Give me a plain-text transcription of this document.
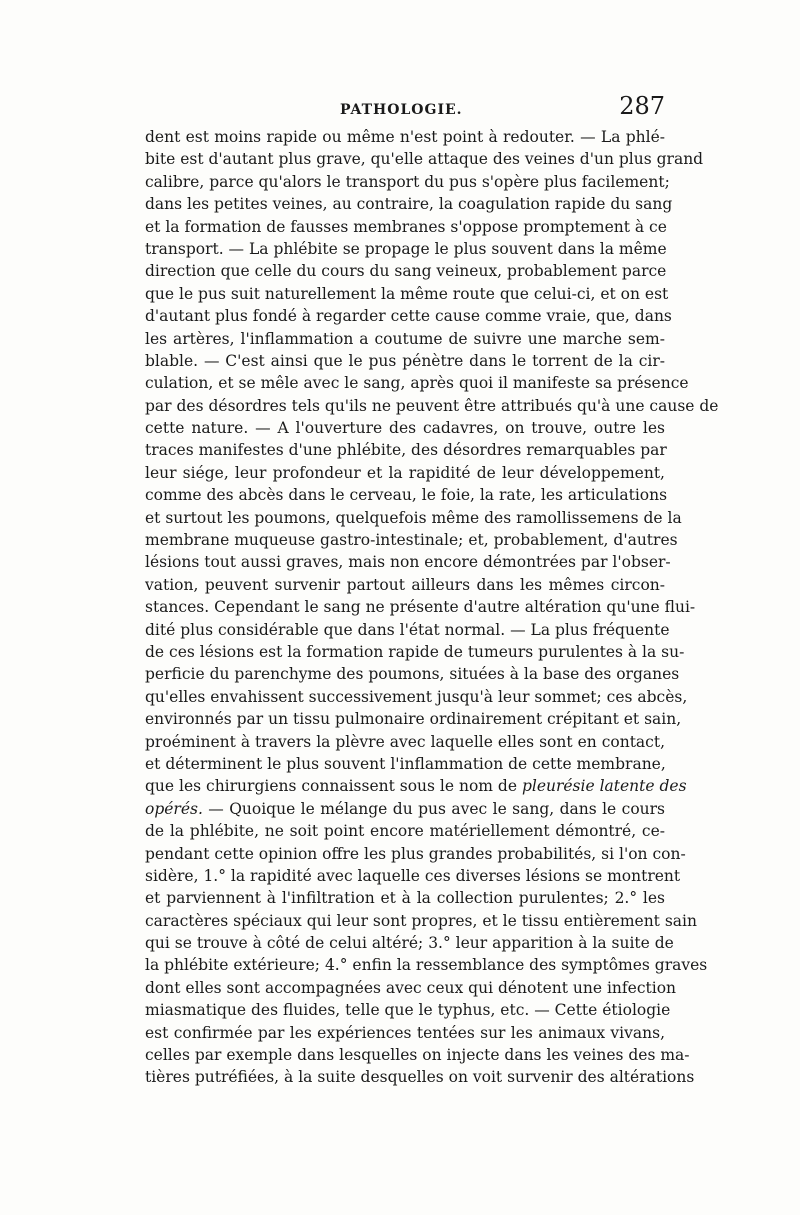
PATHOLOGIE.	287
dent est moins rapide ou même n'est point à redouter. — La phlé-
bite est d'autant plus grave, qu'elle attaque des veines d'un plus grand
calibre, parce qu'alors le transport du pus s'opère plus facilement;
dans les petites veines, au contraire, la coagulation rapide du sang
et la formation de fausses membranes s'oppose promptement à ce
transport. — La phlébite se propage le plus souvent dans la même
direction que celle du cours du sang veineux, probablement parce
que le pus suit naturellement la même route que celui-ci, et on est
d'autant plus fondé à regarder cette cause comme vraie, que, dans
les artères, l'inflammation a coutume de suivre une marche sem-
blable. — C'est ainsi que le pus pénètre dans le torrent de la cir-
culation, et se mêle avec le sang, après quoi il manifeste sa présence
par des désordres tels qu'ils ne peuvent être attribués qu'à une cause de
cette nature. — A l'ouverture des cadavres, on trouve, outre les
traces manifestes d'une phlébite, des désordres remarquables par
leur siége, leur profondeur et la rapidité de leur développement,
comme des abcès dans le cerveau, le foie, la rate, les articulations
et surtout les poumons, quelquefois même des ramollissemens de la
membrane muqueuse gastro-intestinale; et, probablement, d'autres
lésions tout aussi graves, mais non encore démontrées par l'obser-
vation, peuvent survenir partout ailleurs dans les mêmes circon-
stances. Cependant le sang ne présente d'autre altération qu'une flui-
dité plus considérable que dans l'état normal. — La plus fréquente
de ces lésions est la formation rapide de tumeurs purulentes à la su-
perficie du parenchyme des poumons, situées à la base des organes
qu'elles envahissent successivement jusqu'à leur sommet; ces abcès,
environnés par un tissu pulmonaire ordinairement crépitant et sain,
proéminent à travers la plèvre avec laquelle elles sont en contact,
et déterminent le plus souvent l'inflammation de cette membrane,
que les chirurgiens connaissent sous le nom de pleurésie latente des
opérés. — Quoique le mélange du pus avec le sang, dans le cours
de la phlébite, ne soit point encore matériellement démontré, ce-
pendant cette opinion offre les plus grandes probabilités, si l'on con-
sidère, 1.° la rapidité avec laquelle ces diverses lésions se montrent
et parviennent à l'infiltration et à la collection purulentes; 2.° les
caractères spéciaux qui leur sont propres, et le tissu entièrement sain
qui se trouve à côté de celui altéré; 3.° leur apparition à la suite de
la phlébite extérieure; 4.° enfin la ressemblance des symptômes graves
dont elles sont accompagnées avec ceux qui dénotent une infection
miasmatique des fluides, telle que le typhus, etc. — Cette étiologie
est confirmée par les expériences tentées sur les animaux vivans,
celles par exemple dans lesquelles on injecte dans les veines des ma-
tières putréfiées, à la suite desquelles on voit survenir des altérations
